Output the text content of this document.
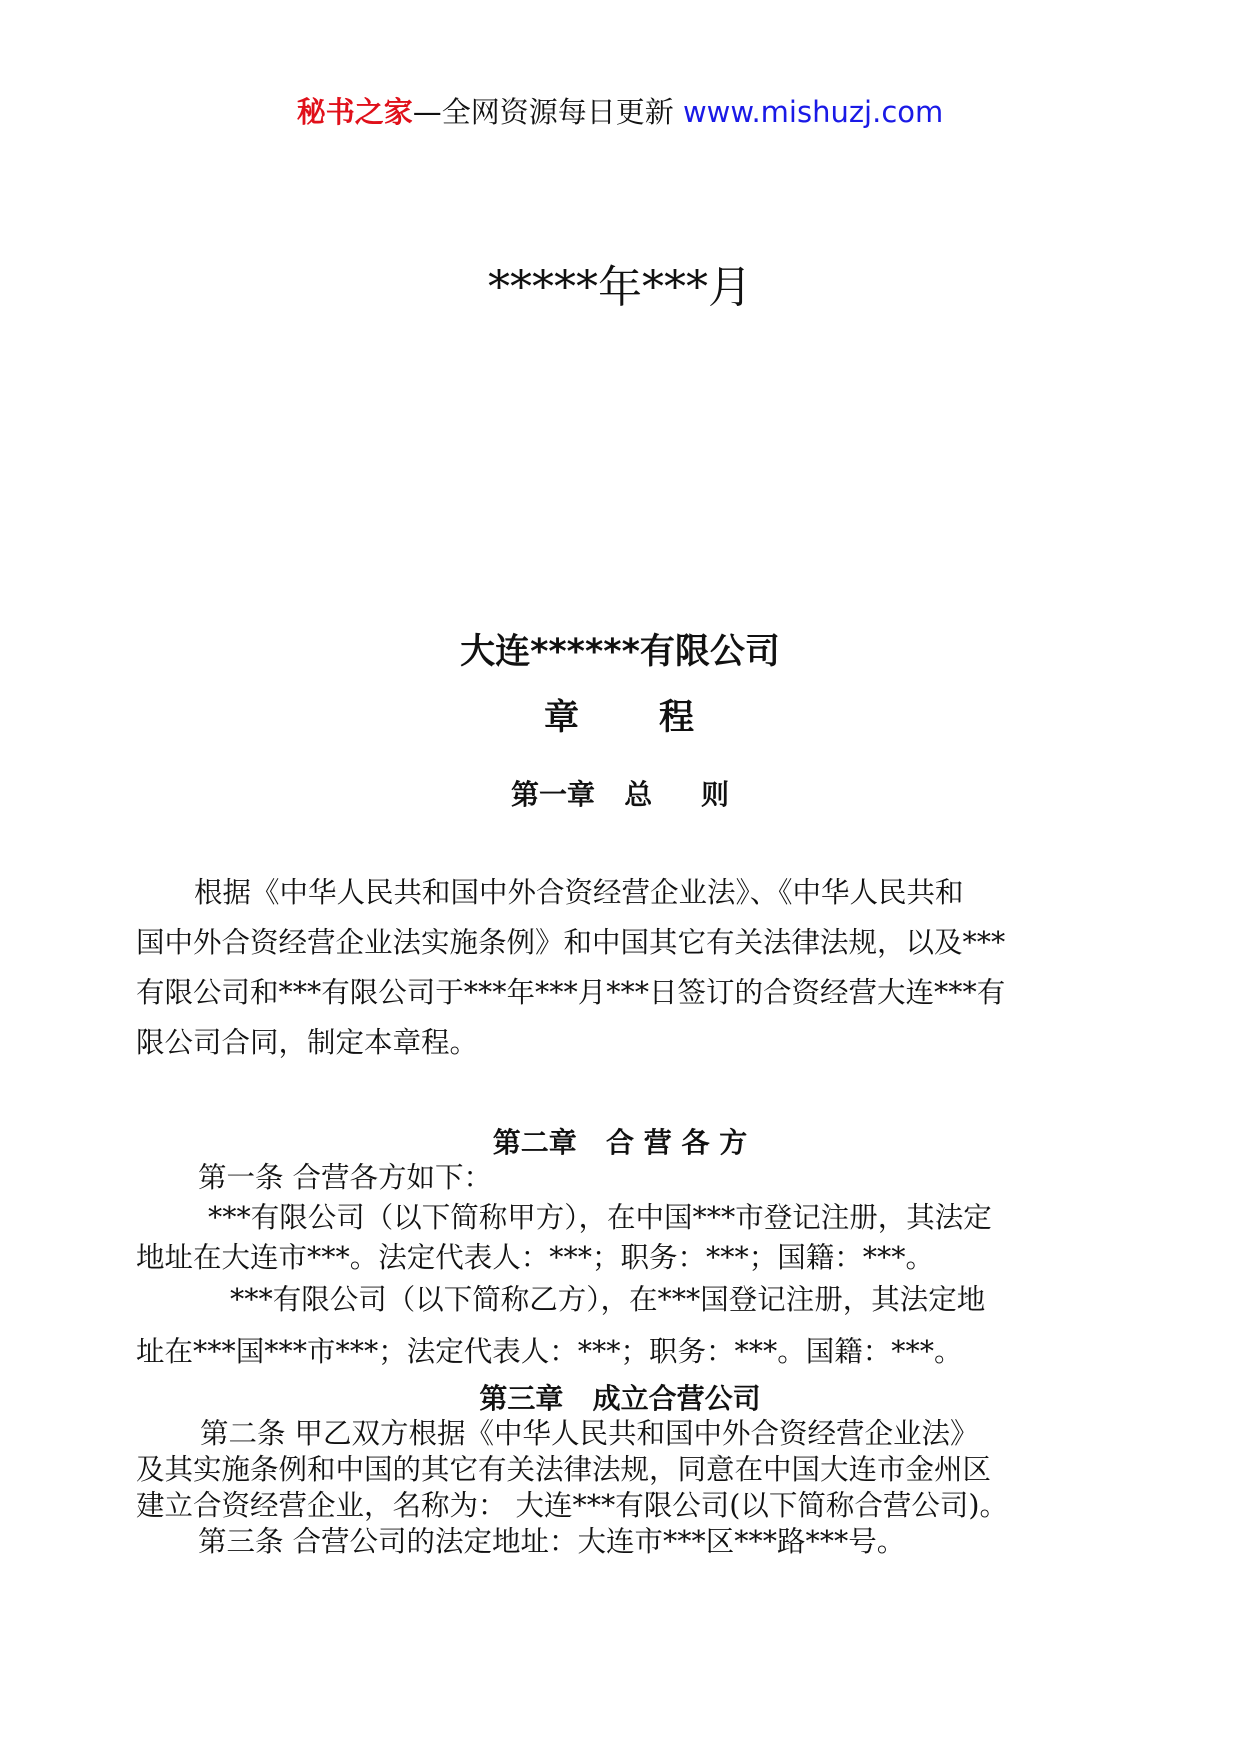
秘书之家—全网资源每日更新 www.mishuzj.com
*****年***月
大连******有限公司
章 程
第一章   总     则
根据《中华人民共和国中外合资经营企业法》、《中华人民共和
国中外合资经营企业法实施条例》和中国其它有关法律法规，以及***
有限公司和***有限公司于***年***月***日签订的合资经营大连***有
限公司合同，制定本章程。
第二章   合 营 各 方
第一条 合营各方如下：
***有限公司（以下简称甲方），在中国***市登记注册，其法定
地址在大连市***。法定代表人：***；职务：***；国籍：***。
***有限公司（以下简称乙方），在***国登记注册，其法定地
址在***国***市***；法定代表人：***；职务：***。国籍：***。
第三章   成立合营公司
第二条 甲乙双方根据《中华人民共和国中外合资经营企业法》
及其实施条例和中国的其它有关法律法规，同意在中国大连市金州区
建立合资经营企业，名称为： 大连***有限公司(以下简称合营公司)。
第三条 合营公司的法定地址：大连市***区***路***号。
